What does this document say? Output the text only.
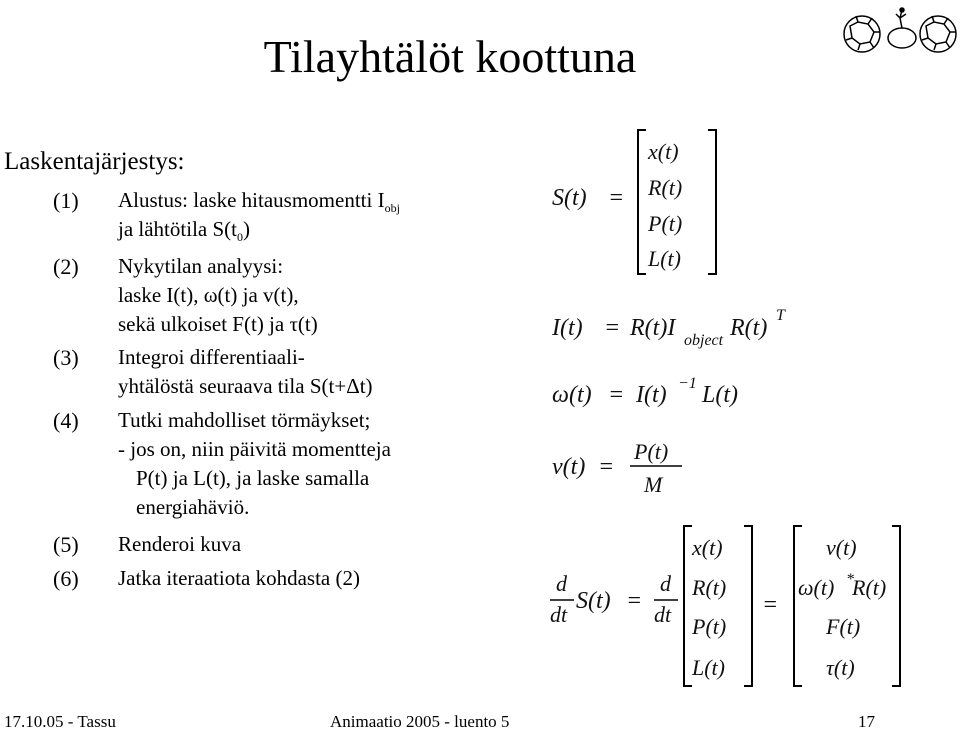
Tilayhtälöt koottuna
Laskentajärjestys:
(1) Alustus: laske hitausmomentti $I_{obj}$
ja lähtötila $S(t_0)$
(2) Nykytilan analyysi:
laske I(t), ω(t) ja v(t),
sekä ulkoiset F(t) ja τ(t)
(3) Integroi differentiaali-
yhtälöstä seuraava tila S(t+Δt)
(4) Tutki mahdolliset törmäykset;
- jos on, niin päivitä momentteja
P(t) ja L(t), ja laske samalla
energiahäviö.
(5) Renderoi kuva
(6) Jatka iteraatiota kohdasta (2)
S(t) =
x(t)
R(t)
P(t)
L(t)
I(t) = R(t)I object R(t) T
ω(t) = I(t) −1 L(t)
v(t) =
P(t)
M
d
dt
S(t) =
d
dt
x(t)
R(t)
P(t)
L(t)
=
v(t)
ω(t) *
R(t)
F(t)
τ(t)
17.10.05 - Tassu	Animaatio 2005 - luento 5	17
